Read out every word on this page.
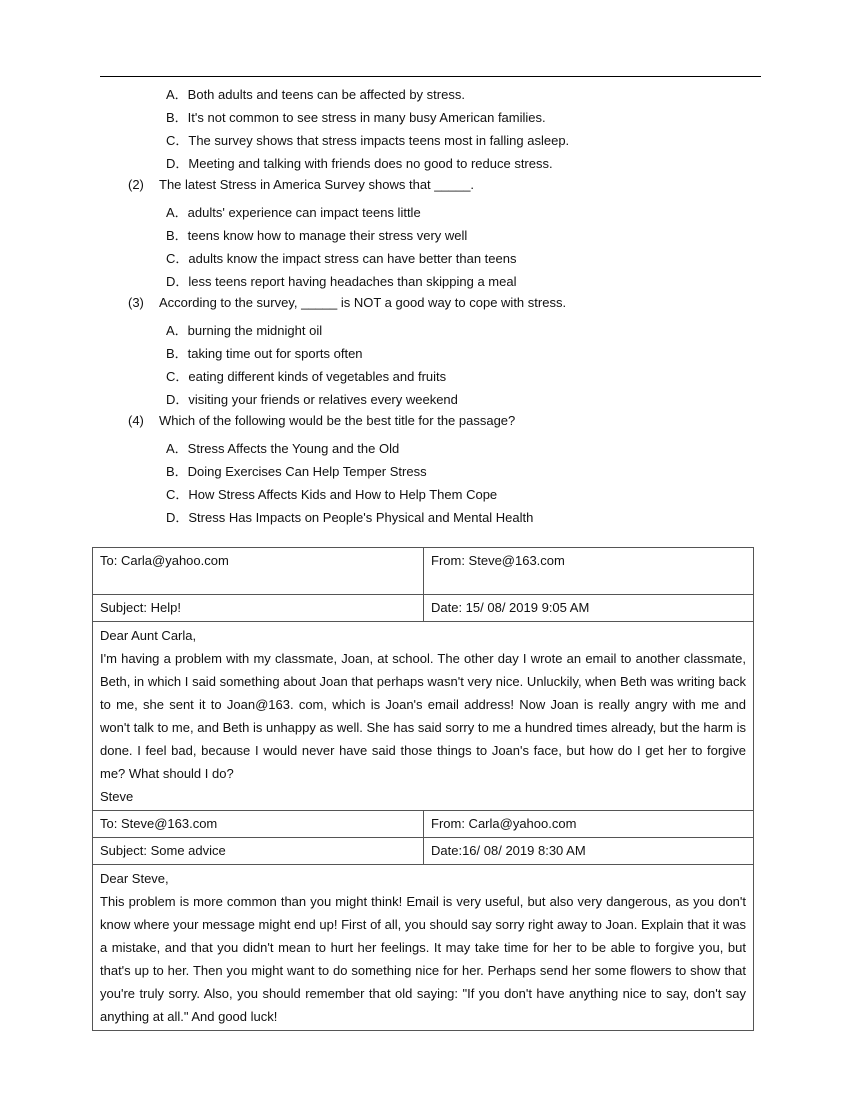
A．Both adults and teens can be affected by stress.
B．It's not common to see stress in many busy American families.
C．The survey shows that stress impacts teens most in falling asleep.
D．Meeting and talking with friends does no good to reduce stress.
(2) The latest Stress in America Survey shows that _____.
A．adults' experience can impact teens little
B．teens know how to manage their stress very well
C．adults know the impact stress can have better than teens
D．less teens report having headaches than skipping a meal
(3) According to the survey, _____ is NOT a good way to cope with stress.
A．burning the midnight oil
B．taking time out for sports often
C．eating different kinds of vegetables and fruits
D．visiting your friends or relatives every weekend
(4) Which of the following would be the best title for the passage?
A．Stress Affects the Young and the Old
B．Doing Exercises Can Help Temper Stress
C．How Stress Affects Kids and How to Help Them Cope
D．Stress Has Impacts on People's Physical and Mental Health
To: Carla@yahoo.com	From: Steve@163.com
Subject: Help!	Date: 15/ 08/ 2019 9:05 AM

Dear Aunt Carla,

I'm having a problem with my classmate, Joan, at school. The other day I wrote an email to another classmate, Beth, in which I said something about Joan that perhaps wasn't very nice. Unluckily, when Beth was writing back to me, she sent it to Joan@163. com, which is Joan's email address! Now Joan is really angry with me and won't talk to me, and Beth is unhappy as well. She has said sorry to me a hundred times already, but the harm is done. I feel bad, because I would never have said those things to Joan's face, but how do I get her to forgive me? What should I do?

Steve	

To: Steve@163.com	From: Carla@yahoo.com
Subject: Some advice	Date:16/ 08/ 2019 8:30 AM

Dear Steve,

This problem is more common than you might think! Email is very useful, but also very dangerous, as you don't know where your message might end up! First of all, you should say sorry right away to Joan. Explain that it was a mistake, and that you didn't mean to hurt her feelings. It may take time for her to be able to forgive you, but that's up to her. Then you might want to do something nice for her. Perhaps send her some flowers to show that you're truly sorry. Also, you should remember that old saying: "If you don't have anything nice to say, don't say anything at all." And good luck!	
